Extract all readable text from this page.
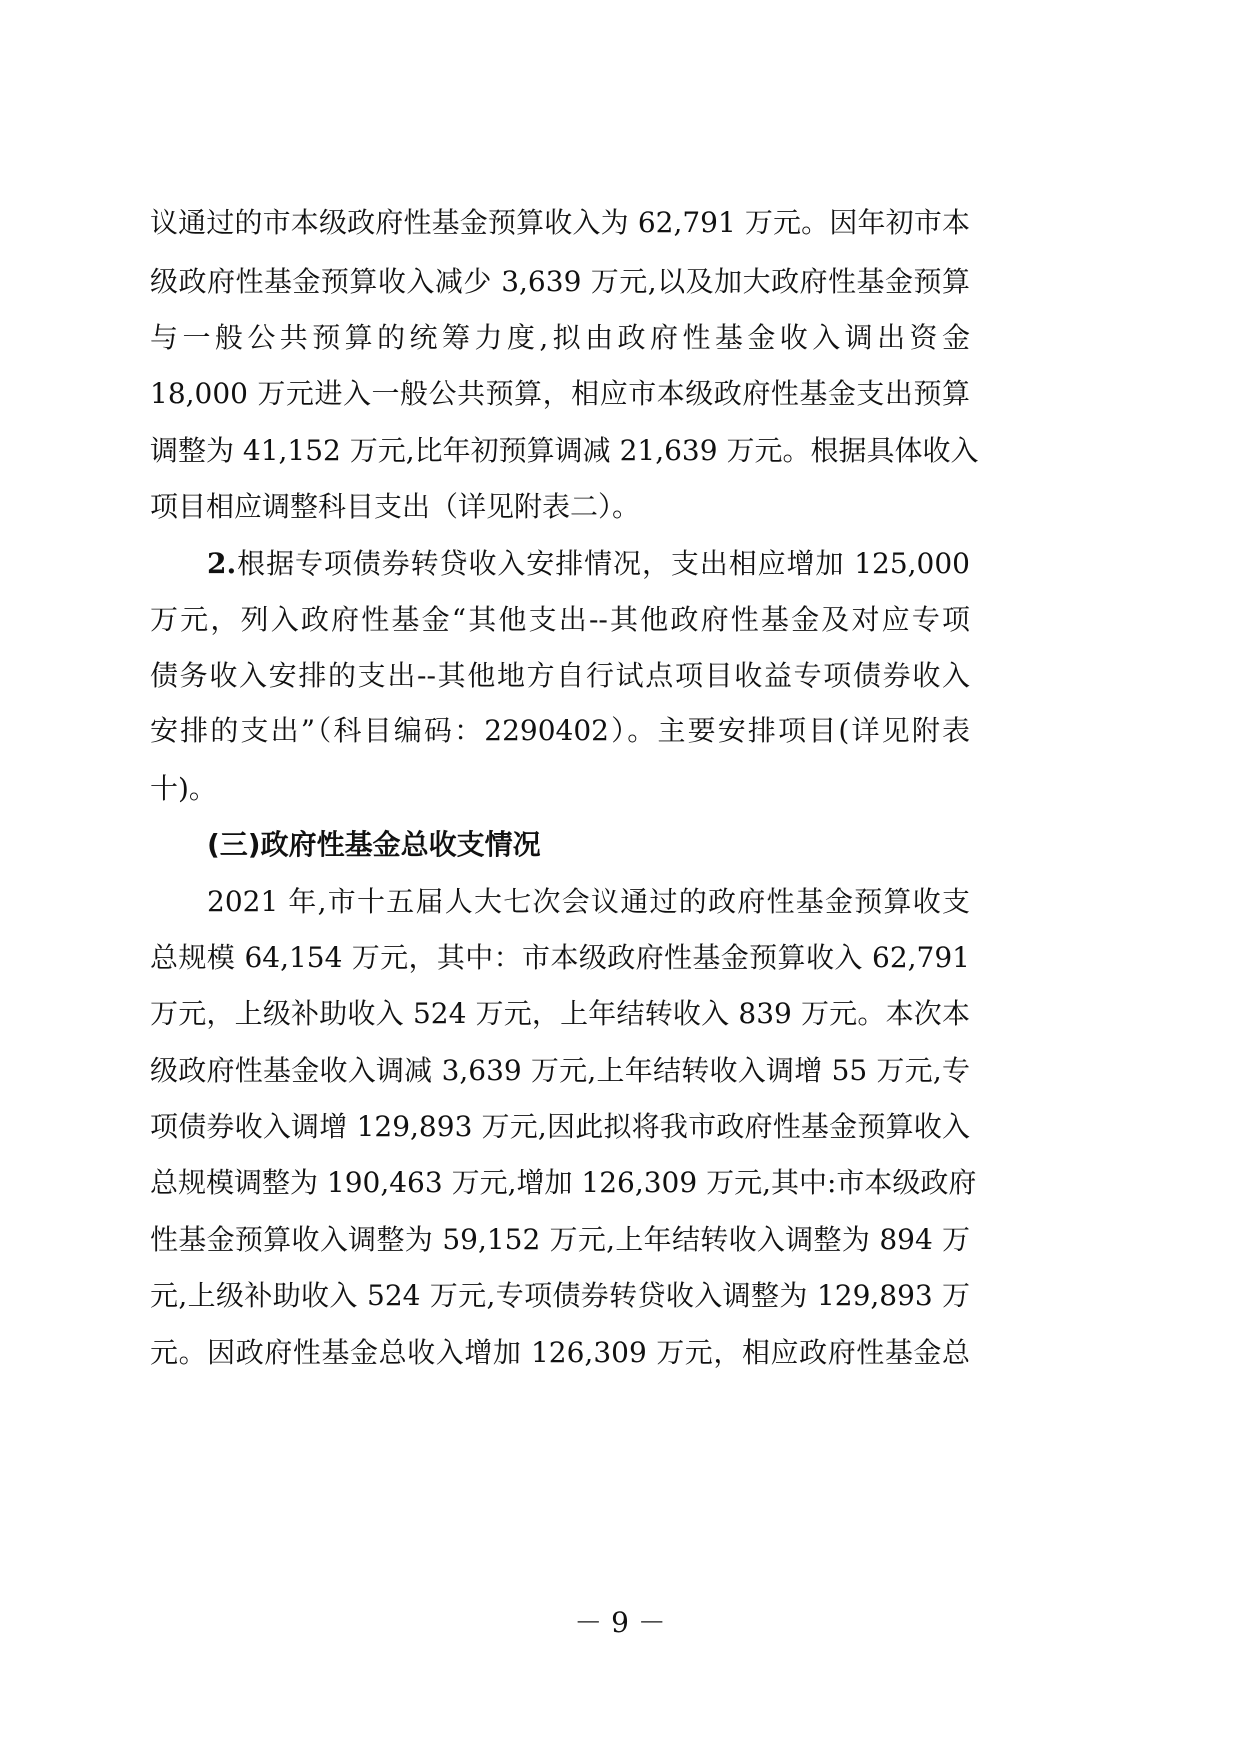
议通过的市本级政府性基金预算收入为 62,791 万元。因年初市本
级政府性基金预算收入减少 3,639 万元,以及加大政府性基金预算
与一般公共预算的统筹力度,拟由政府性基金收入调出资金
18,000 万元进入一般公共预算，相应市本级政府性基金支出预算
调整为 41,152 万元,比年初预算调减 21,639 万元。根据具体收入
项目相应调整科目支出（详见附表二）。
2.根据专项债券转贷收入安排情况，支出相应增加 125,000
万元，列入政府性基金“其他支出--其他政府性基金及对应专项
债务收入安排的支出--其他地方自行试点项目收益专项债券收入
安排的支出”（科目编码：2290402）。主要安排项目(详见附表
十)。
(三)政府性基金总收支情况
2021 年,市十五届人大七次会议通过的政府性基金预算收支
总规模 64,154 万元，其中：市本级政府性基金预算收入 62,791
万元，上级补助收入 524 万元，上年结转收入 839 万元。本次本
级政府性基金收入调减 3,639 万元,上年结转收入调增 55 万元,专
项债券收入调增 129,893 万元,因此拟将我市政府性基金预算收入
总规模调整为 190,463 万元,增加 126,309 万元,其中:市本级政府
性基金预算收入调整为 59,152 万元,上年结转收入调整为 894 万
元,上级补助收入 524 万元,专项债券转贷收入调整为 129,893 万
元。因政府性基金总收入增加 126,309 万元，相应政府性基金总
－ 9 －
